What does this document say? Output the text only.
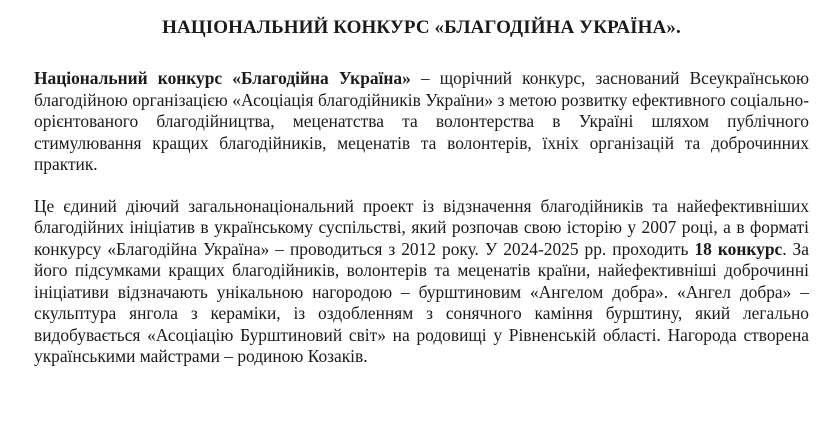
НАЦІОНАЛЬНИЙ КОНКУРС «БЛАГОДІЙНА УКРАЇНА».

Національний конкурс «Благодійна Україна» – щорічний конкурс, заснований Всеукраїнською благодійною організацією «Асоціація благодійників України» з метою розвитку ефективного соціально-орієнтованого благодійництва, меценатства та волонтерства в Україні шляхом публічного стимулювання кращих благодійників, меценатів та волонтерів, їхніх організацій та доброчинних практик.

Це єдиний діючий загальнонаціональний проект із відзначення благодійників та найефективніших благодійних ініціатив в українському суспільстві, який розпочав свою історію у 2007 році, а в форматі конкурсу «Благодійна Україна» – проводиться з 2012 року. У 2024-2025 рр. проходить 18 конкурс. За його підсумками кращих благодійників, волонтерів та меценатів країни, найефективніші доброчинні ініціативи відзначають унікальною нагородою – бурштиновим «Ангелом добра». «Ангел добра» – скульптура янгола з кераміки, із оздобленням з сонячного каміння бурштину, який легально видобувається «Асоціацію Бурштиновий світ» на родовищі у Рівненській області. Нагорода створена українськими майстрами – родиною Козаків.
